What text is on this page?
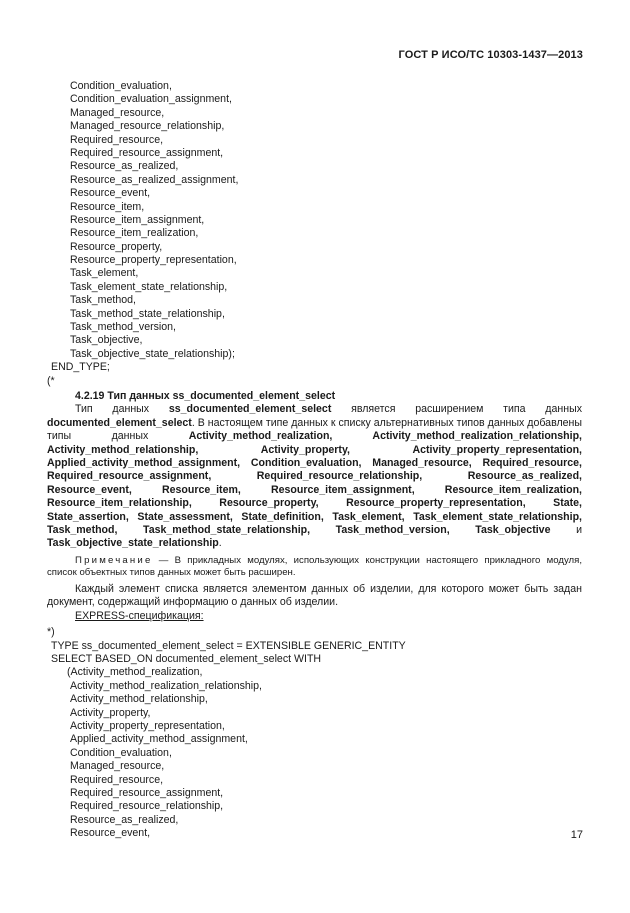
ГОСТ Р ИСО/ТС 10303-1437—2013
Condition_evaluation,
Condition_evaluation_assignment,
Managed_resource,
Managed_resource_relationship,
Required_resource,
Required_resource_assignment,
Resource_as_realized,
Resource_as_realized_assignment,
Resource_event,
Resource_item,
Resource_item_assignment,
Resource_item_realization,
Resource_property,
Resource_property_representation,
Task_element,
Task_element_state_relationship,
Task_method,
Task_method_state_relationship,
Task_method_version,
Task_objective,
Task_objective_state_relationship);
END_TYPE;
(*
4.2.19 Тип данных ss_documented_element_select

Тип данных ss_documented_element_select является расширением типа данных documented_element_select. В настоящем типе данных к списку альтернативных типов данных добавлены типы данных Activity_method_realization, Activity_method_realization_relationship, Activity_method_relationship, Activity_property, Activity_property_representation, Applied_activity_method_assignment, Condition_evaluation, Managed_resource, Required_resource, Required_resource_assignment, Required_resource_relationship, Resource_as_realized, Resource_event, Resource_item, Resource_item_assignment, Resource_item_realization, Resource_item_relationship, Resource_property, Resource_property_representation, State, State_assertion, State_assessment, State_definition, Task_element, Task_element_state_relationship, Task_method, Task_method_state_relationship, Task_method_version, Task_objective и Task_objective_state_relationship.

Примечание — В прикладных модулях, использующих конструкции настоящего прикладного модуля, список объектных типов данных может быть расширен.

Каждый элемент списка является элементом данных об изделии, для которого может быть задан документ, содержащий информацию о данных об изделии.

EXPRESS-спецификация:
*)
TYPE ss_documented_element_select = EXTENSIBLE GENERIC_ENTITY
SELECT BASED_ON documented_element_select WITH
(Activity_method_realization,
Activity_method_realization_relationship,
Activity_method_relationship,
Activity_property,
Activity_property_representation,
Applied_activity_method_assignment,
Condition_evaluation,
Managed_resource,
Required_resource,
Required_resource_assignment,
Required_resource_relationship,
Resource_as_realized,
Resource_event,	17
